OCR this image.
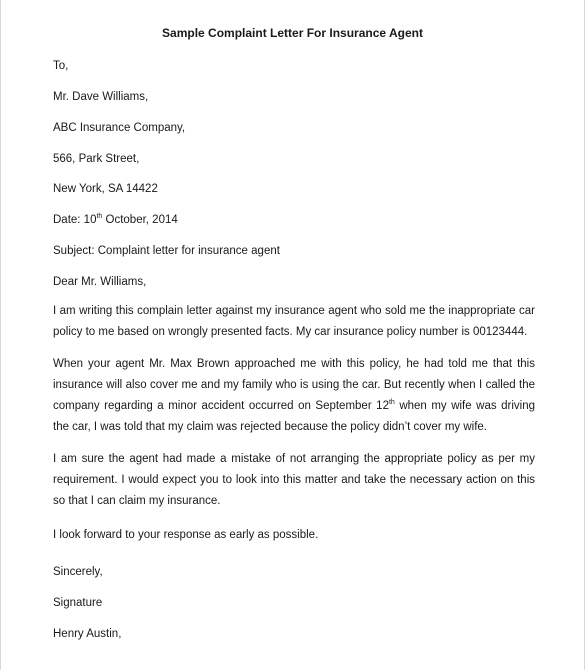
Sample Complaint Letter For Insurance Agent
To,
Mr. Dave Williams,
ABC Insurance Company,
566, Park Street,
New York, SA 14422
Date: 10th October, 2014
Subject: Complaint letter for insurance agent
Dear Mr. Williams,
I am writing this complain letter against my insurance agent who sold me the inappropriate car policy to me based on wrongly presented facts. My car insurance policy number is 00123444.
When your agent Mr. Max Brown approached me with this policy, he had told me that this insurance will also cover me and my family who is using the car. But recently when I called the company regarding a minor accident occurred on September 12th when my wife was driving the car, I was told that my claim was rejected because the policy didn’t cover my wife.
I am sure the agent had made a mistake of not arranging the appropriate policy as per my requirement. I would expect you to look into this matter and take the necessary action on this so that I can claim my insurance.
I look forward to your response as early as possible.
Sincerely,
Signature
Henry Austin,
